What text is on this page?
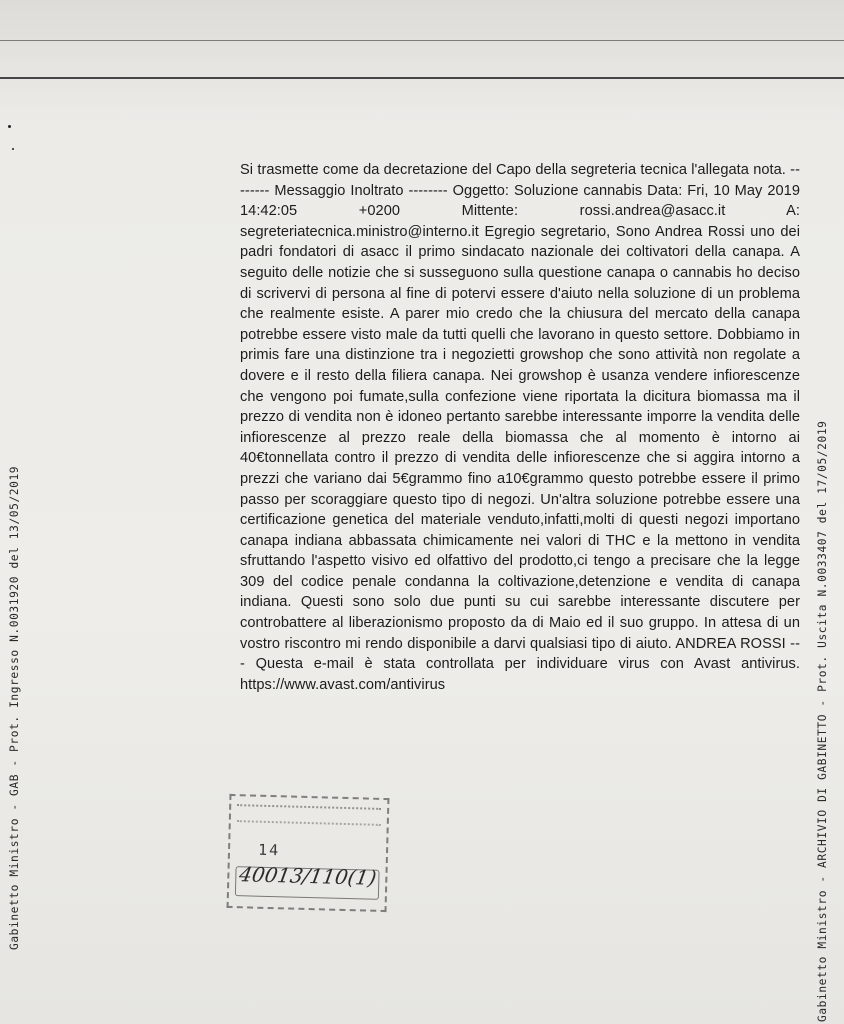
Gabinetto Ministro - GAB - Prot. Ingresso N.0031920 del 13/05/2019	Gabinetto Ministro - ARCHIVIO DI GABINETTO - Prot. Uscita N.0033407 del 17/05/2019
Si trasmette come da decretazione del Capo della segreteria tecnica l'allegata nota. -------- Messaggio Inoltrato -------- Oggetto: Soluzione cannabis Data: Fri, 10 May 2019 14:42:05 +0200 Mittente: rossi.andrea@asacc.it A: segreteriatecnica.ministro@interno.it Egregio segretario, Sono Andrea Rossi uno dei padri fondatori di asacc il primo sindacato nazionale dei coltivatori della canapa. A seguito delle notizie che si susseguono sulla questione canapa o cannabis ho deciso di scrivervi di persona al fine di potervi essere d'aiuto nella soluzione di un problema che realmente esiste. A parer mio credo che la chiusura del mercato della canapa potrebbe essere visto male da tutti quelli che lavorano in questo settore. Dobbiamo in primis fare una distinzione tra i negozietti growshop che sono attività non regolate a dovere e il resto della filiera canapa. Nei growshop è usanza vendere infiorescenze che vengono poi fumate,sulla confezione viene riportata la dicitura biomassa ma il prezzo di vendita non è idoneo pertanto sarebbe interessante imporre la vendita delle infiorescenze al prezzo reale della biomassa che al momento è intorno ai 40€tonnellata contro il prezzo di vendita delle infiorescenze che si aggira intorno a prezzi che variano dai 5€grammo fino a10€grammo questo potrebbe essere il primo passo per scoraggiare questo tipo di negozi. Un'altra soluzione potrebbe essere una certificazione genetica del materiale venduto,infatti,molti di questi negozi importano canapa indiana abbassata chimicamente nei valori di THC e la mettono in vendita sfruttando l'aspetto visivo ed olfattivo del prodotto,ci tengo a precisare che la legge 309 del codice penale condanna la coltivazione,detenzione e vendita di canapa indiana. Questi sono solo due punti su cui sarebbe interessante discutere per controbattere al liberazionismo proposto da di Maio ed il suo gruppo. In attesa di un vostro riscontro mi rendo disponibile a darvi qualsiasi tipo di aiuto. ANDREA ROSSI --- Questa e-mail è stata controllata per individuare virus con Avast antivirus. https://www.avast.com/antivirus
14
40013/110(1)
